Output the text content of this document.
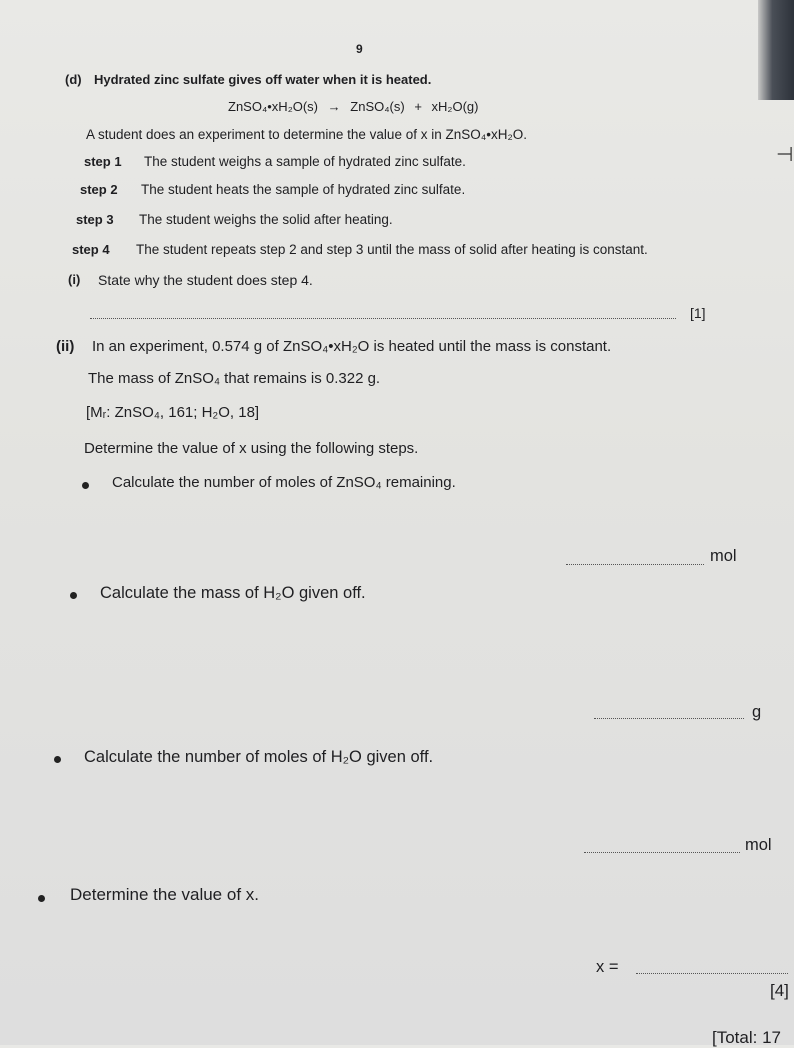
⊣
9
(d) Hydrated zinc sulfate gives off water when it is heated.
ZnSO₄•xH₂O(s) → ZnSO₄(s) + xH₂O(g)
A student does an experiment to determine the value of x in ZnSO₄•xH₂O.
step 1 The student weighs a sample of hydrated zinc sulfate.
step 2 The student heats the sample of hydrated zinc sulfate.
step 3 The student weighs the solid after heating.
step 4 The student repeats step 2 and step 3 until the mass of solid after heating is constant.
(i) State why the student does step 4.
[1]
(ii) In an experiment, 0.574 g of ZnSO₄•xH₂O is heated until the mass is constant.
The mass of ZnSO₄ that remains is 0.322 g.
[Mᵣ: ZnSO₄, 161; H₂O, 18]
Determine the value of x using the following steps.
Calculate the number of moles of ZnSO₄ remaining.
mol
Calculate the mass of H₂O given off.
g
Calculate the number of moles of H₂O given off.
mol
Determine the value of x.
x =
[4]
[Total: 17
